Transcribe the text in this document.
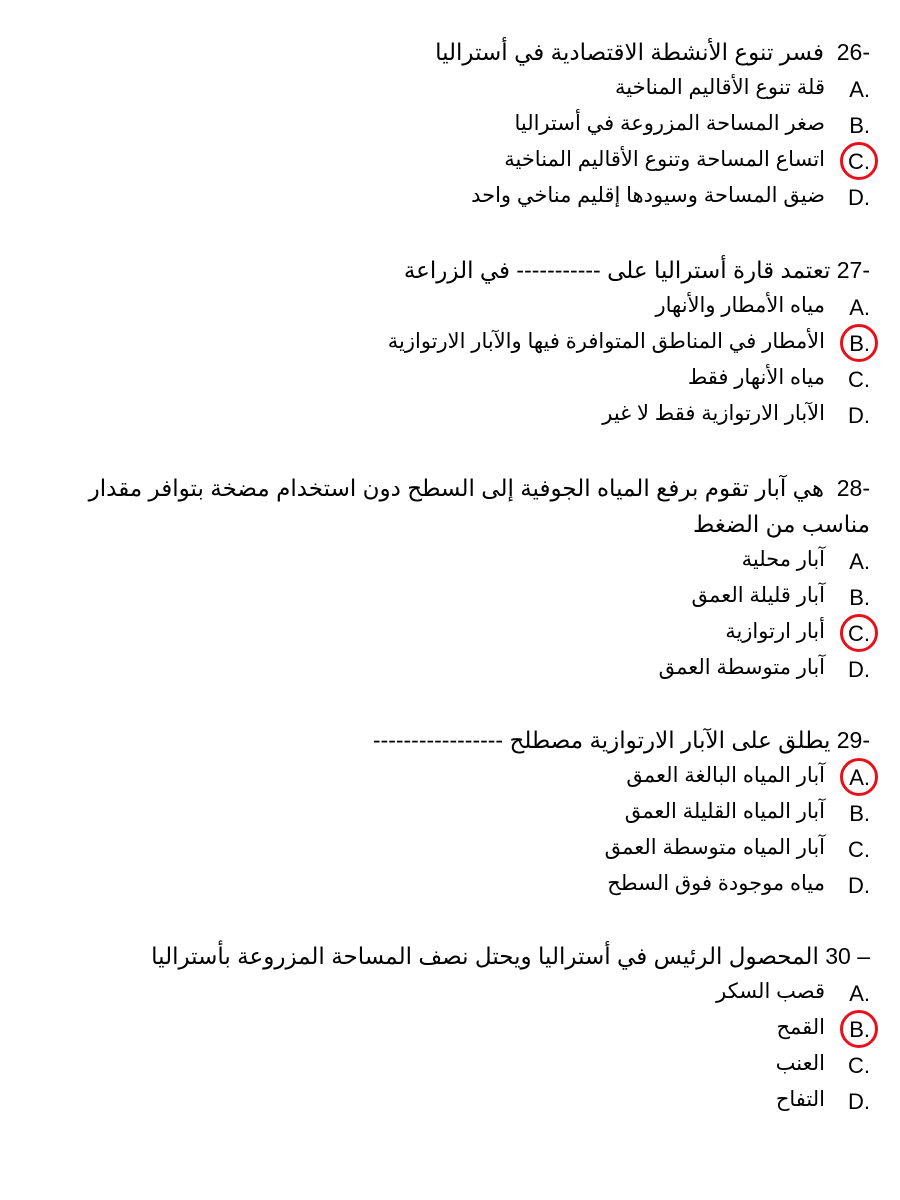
26-  فسر تنوع الأنشطة الاقتصادية في أستراليا

A.
قلة تنوع الأقاليم المناخية
B.
صغر المساحة المزروعة في أستراليا
C.
اتساع المساحة وتنوع الأقاليم المناخية
D.
ضيق المساحة وسيودها إقليم مناخي واحد

27- تعتمد قارة أستراليا على ----------- في الزراعة

A.
مياه الأمطار والأنهار
B.
الأمطار في المناطق المتوافرة فيها والآبار الارتوازية
C.
مياه الأنهار فقط
D.
الآبار الارتوازية فقط لا غير

28-  هي آبار تقوم برفع المياه الجوفية إلى السطح دون استخدام مضخة بتوافر مقدار مناسب من الضغط

A.
آبار محلية
B.
آبار قليلة العمق
C.
أبار ارتوازية
D.
آبار متوسطة العمق

29- يطلق على الآبار الارتوازية مصطلح -----------------

A.
آبار المياه البالغة العمق
B.
آبار المياه القليلة العمق
C.
آبار المياه متوسطة العمق
D.
مياه موجودة فوق السطح

30 – المحصول الرئيس في أستراليا ويحتل نصف المساحة المزروعة بأستراليا

A.
قصب السكر
B.
القمح
C.
العنب
D.
التفاح
